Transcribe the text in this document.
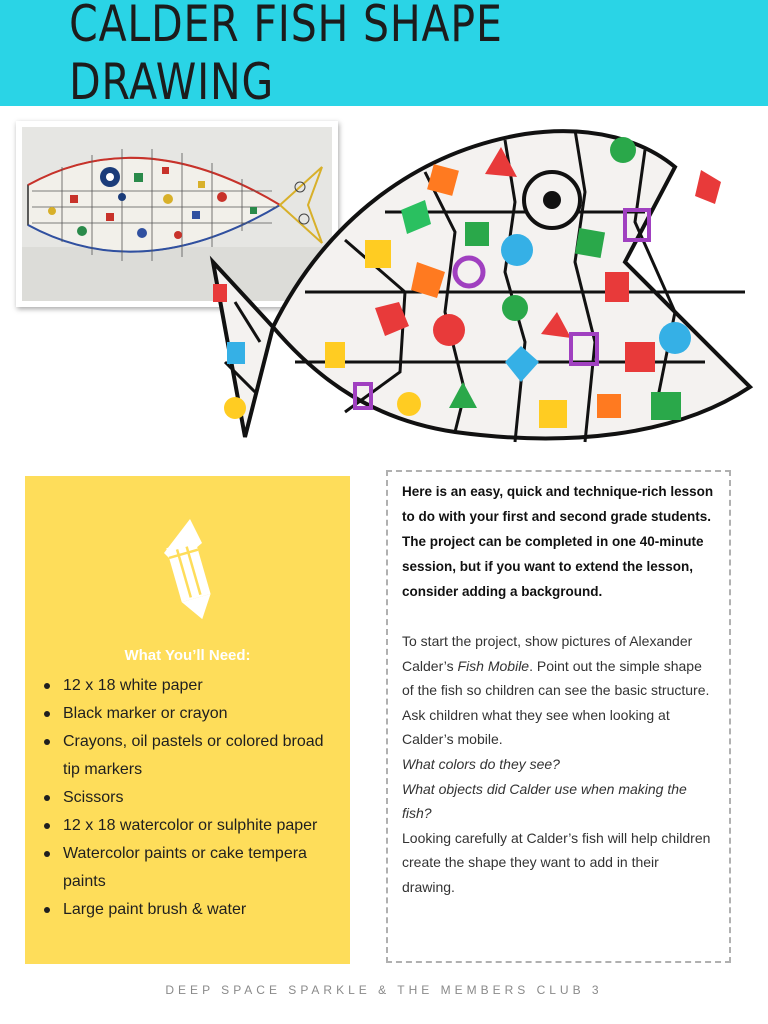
CALDER FISH SHAPE DRAWING
What You’ll Need:
12 x 18 white paper
Black marker or crayon
Crayons, oil pastels or colored broad tip markers
Scissors
12 x 18 watercolor or sulphite paper
Watercolor paints or cake tempera paints
Large paint brush & water

Here is an easy, quick and technique-rich lesson to do with your first and second grade students. The project can be completed in one 40-minute session, but if you want to extend the lesson, consider adding a background.

To start the project, show pictures of Alexander Calder’s Fish Mobile. Point out the simple shape of the fish so children can see the basic structure.

Ask children what they see when looking at Calder’s mobile.

What colors do they see?

What objects did Calder use when making the fish?

Looking carefully at Calder’s fish will help children create the shape they want to add in their drawing.

DEEP SPACE SPARKLE & THE MEMBERS CLUB 3
